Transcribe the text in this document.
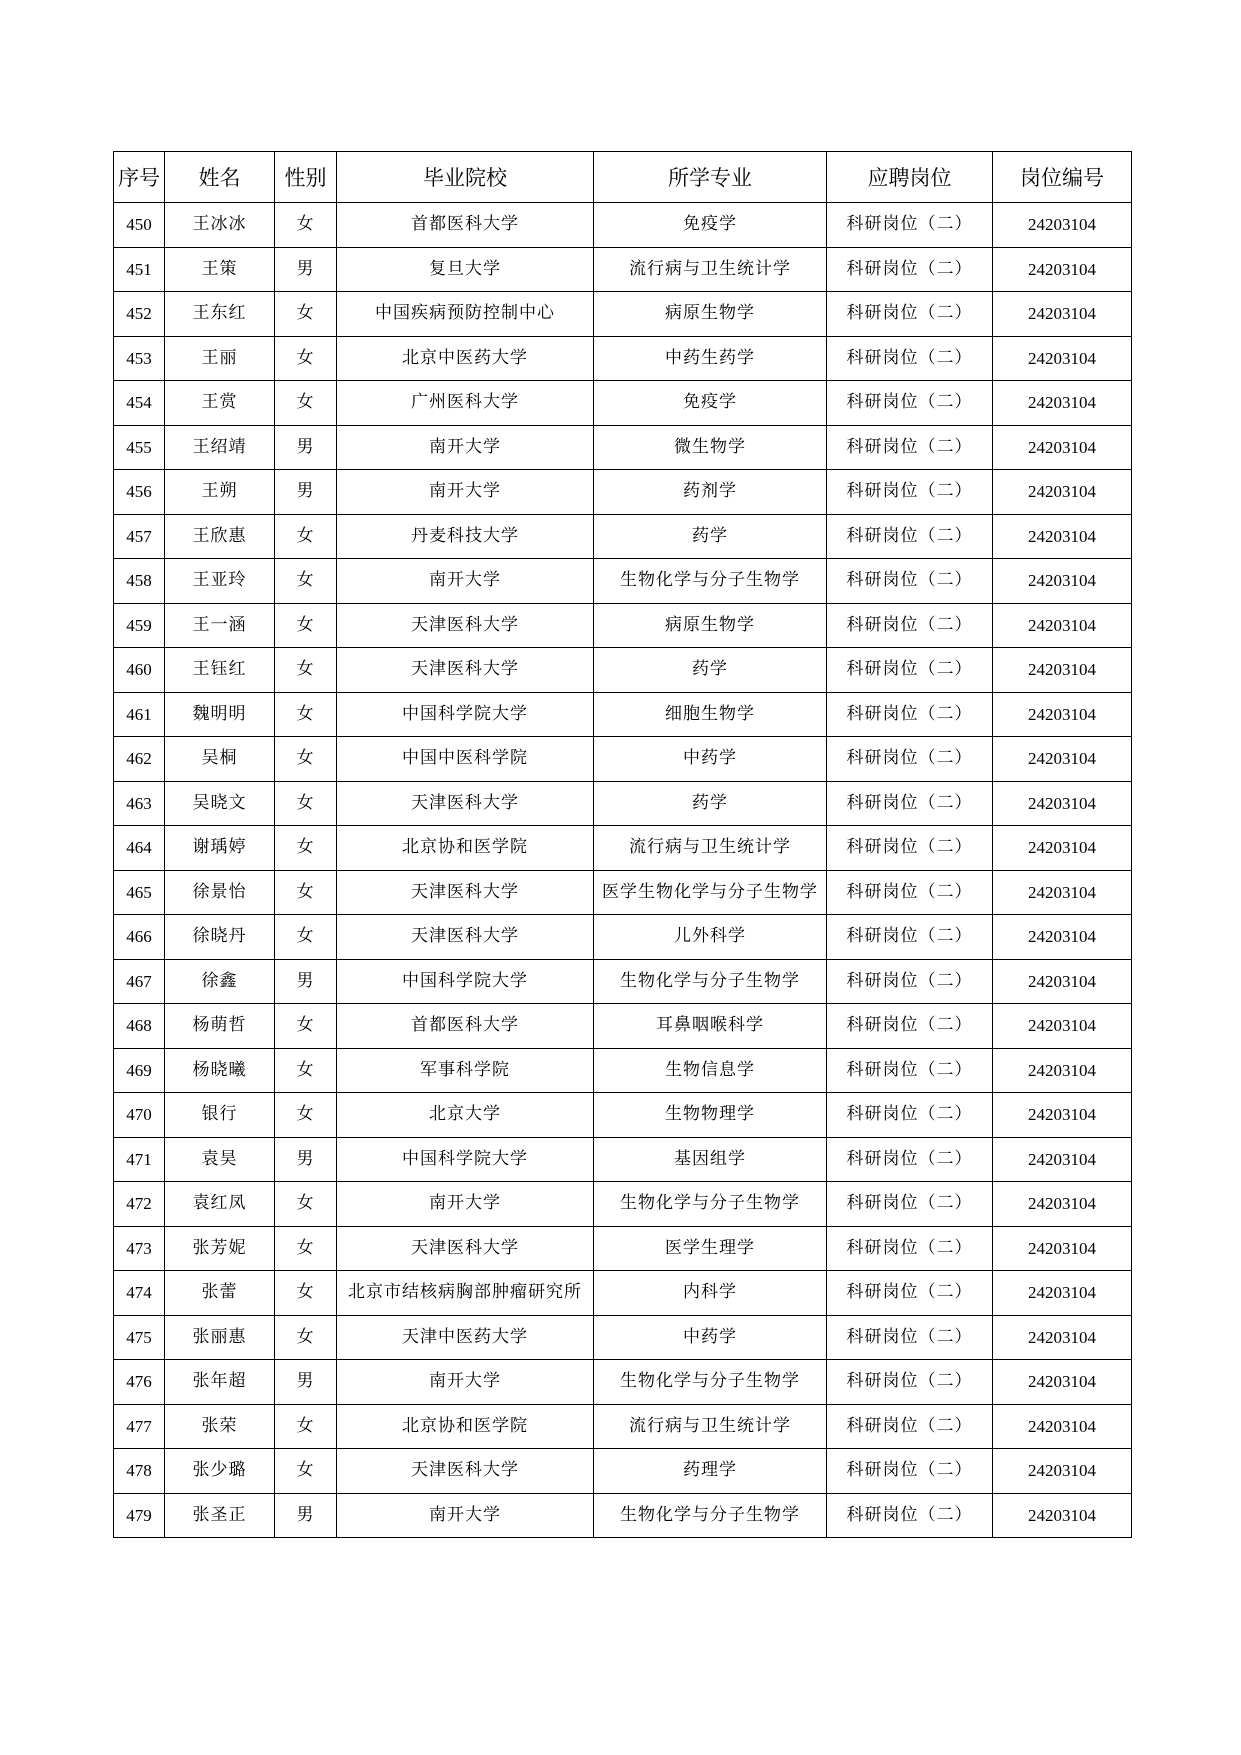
序号	姓名	性别	毕业院校	所学专业	应聘岗位	岗位编号
450	王冰冰	女	首都医科大学	免疫学	科研岗位（二）	24203104
451	王策	男	复旦大学	流行病与卫生统计学	科研岗位（二）	24203104
452	王东红	女	中国疾病预防控制中心	病原生物学	科研岗位（二）	24203104
453	王丽	女	北京中医药大学	中药生药学	科研岗位（二）	24203104
454	王赏	女	广州医科大学	免疫学	科研岗位（二）	24203104
455	王绍靖	男	南开大学	微生物学	科研岗位（二）	24203104
456	王朔	男	南开大学	药剂学	科研岗位（二）	24203104
457	王欣惠	女	丹麦科技大学	药学	科研岗位（二）	24203104
458	王亚玲	女	南开大学	生物化学与分子生物学	科研岗位（二）	24203104
459	王一涵	女	天津医科大学	病原生物学	科研岗位（二）	24203104
460	王钰红	女	天津医科大学	药学	科研岗位（二）	24203104
461	魏明明	女	中国科学院大学	细胞生物学	科研岗位（二）	24203104
462	吴桐	女	中国中医科学院	中药学	科研岗位（二）	24203104
463	吴晓文	女	天津医科大学	药学	科研岗位（二）	24203104
464	谢瑀婷	女	北京协和医学院	流行病与卫生统计学	科研岗位（二）	24203104
465	徐景怡	女	天津医科大学	医学生物化学与分子生物学	科研岗位（二）	24203104
466	徐晓丹	女	天津医科大学	儿外科学	科研岗位（二）	24203104
467	徐鑫	男	中国科学院大学	生物化学与分子生物学	科研岗位（二）	24203104
468	杨萌哲	女	首都医科大学	耳鼻咽喉科学	科研岗位（二）	24203104
469	杨晓曦	女	军事科学院	生物信息学	科研岗位（二）	24203104
470	银行	女	北京大学	生物物理学	科研岗位（二）	24203104
471	袁昊	男	中国科学院大学	基因组学	科研岗位（二）	24203104
472	袁红凤	女	南开大学	生物化学与分子生物学	科研岗位（二）	24203104
473	张芳妮	女	天津医科大学	医学生理学	科研岗位（二）	24203104
474	张蕾	女	北京市结核病胸部肿瘤研究所	内科学	科研岗位（二）	24203104
475	张丽惠	女	天津中医药大学	中药学	科研岗位（二）	24203104
476	张年超	男	南开大学	生物化学与分子生物学	科研岗位（二）	24203104
477	张荣	女	北京协和医学院	流行病与卫生统计学	科研岗位（二）	24203104
478	张少璐	女	天津医科大学	药理学	科研岗位（二）	24203104
479	张圣正	男	南开大学	生物化学与分子生物学	科研岗位（二）	24203104
